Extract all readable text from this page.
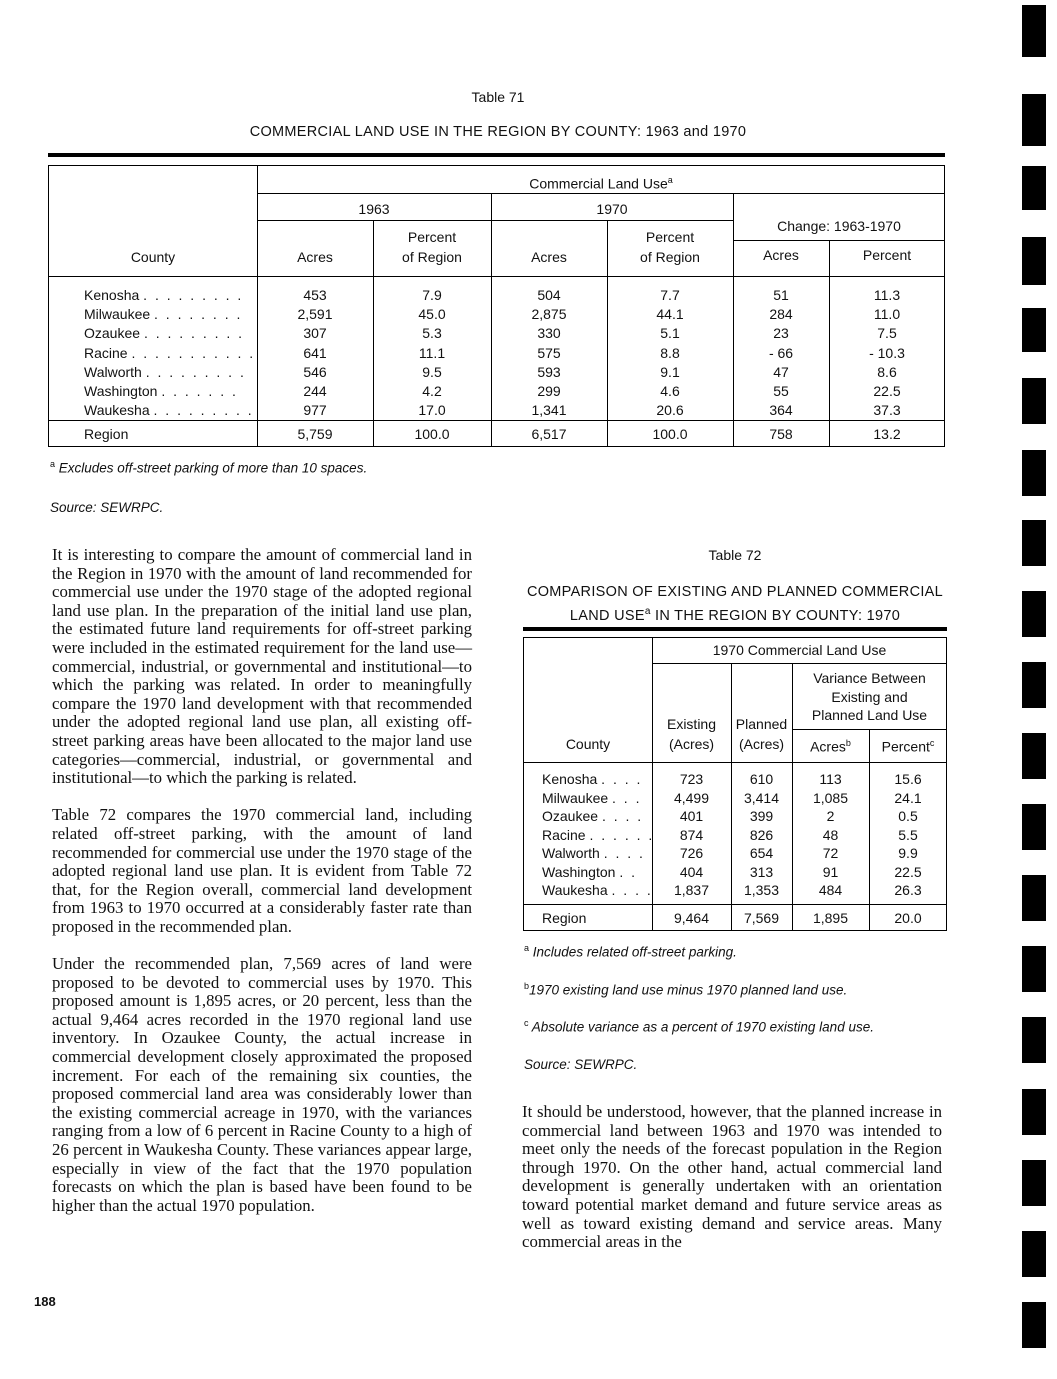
Table 71
COMMERCIAL LAND USE IN THE REGION BY COUNTY: 1963 and 1970
Commercial Land Use$^a$
1963	1970
Change: 1963-1970
County	Acres
Percent
of Region	Acres
Percent
of Region	Acres	Percent
Kenosha . . . . . . . . .	453	7.9	504	7.7	51	11.3
Milwaukee . . . . . . . .	2,591	45.0	2,875	44.1	284	11.0
Ozaukee . . . . . . . . .	307	5.3	330	5.1	23	7.5
Racine . . . . . . . . . . .	641	11.1	575	8.8	- 66	- 10.3
Walworth . . . . . . . . .	546	9.5	593	9.1	47	8.6
Washington . . . . . . .	244	4.2	299	4.6	55	22.5
Waukesha . . . . . . . . .	977	17.0	1,341	20.6	364	37.3
Region	5,759	100.0	6,517	100.0	758	13.2
$^a$ Excludes off-street parking of more than 10 spaces.
Source: SEWRPC.

It is interesting to compare the amount of commercial land in the Region in 1970 with the amount of land recommended for commercial use under the 1970 stage of the adopted regional land use plan. In the preparation of the initial land use plan, the estimated future land requirements for off-street parking were included in the estimated requirement for the land use—commercial, industrial, or governmental and institutional—to which the parking was related. In order to meaningfully compare the 1970 land development with that recommended under the adopted regional land use plan, all existing off-street parking areas have been allocated to the major land use categories—commercial, industrial, or governmental and institutional—to which the parking is related.

Table 72 compares the 1970 commercial land, including related off-street parking, with the amount of land recommended for commercial use under the 1970 stage of the adopted regional land use plan. It is evident from Table 72 that, for the Region overall, commercial land development from 1963 to 1970 occurred at a considerably faster rate than proposed in the recommended plan.

Under the recommended plan, 7,569 acres of land were proposed to be devoted to commercial uses by 1970. This proposed amount is 1,895 acres, or 20 percent, less than the actual 9,464 acres recorded in the 1970 regional land use inventory. In Ozaukee County, the actual increase in commercial development closely approximated the proposed increment. For each of the remaining six counties, the proposed commercial land area was considerably lower than the existing commercial acreage in 1970, with the variances ranging from a low of 6 percent in Racine County to a high of 26 percent in Waukesha County. These variances appear large, especially in view of the fact that the 1970 population forecasts on which the plan is based have been found to be higher than the actual 1970 population.

Table 72
COMPARISON OF EXISTING AND PLANNED COMMERCIAL
LAND USE$^a$ IN THE REGION BY COUNTY: 1970
1970 Commercial Land Use
Variance Between
Existing and
Planned Land Use
Existing	Planned
County	(Acres)	(Acres)	Acres$^b$	Percent$^c$
Kenosha . . . .	723	610	113	15.6
Milwaukee . . .	4,499	3,414	1,085	24.1
Ozaukee . . . .	401	399	2	0.5
Racine . . . . . .	874	826	48	5.5
Walworth . . . .	726	654	72	9.9
Washington . .	404	313	91	22.5
Waukesha . . . .	1,837	1,353	484	26.3
Region	9,464	7,569	1,895	20.0
$^a$ Includes related off-street parking.
$^b$1970 existing land use minus 1970 planned land use.
$^c$ Absolute variance as a percent of 1970 existing land use.
Source: SEWRPC.

It should be understood, however, that the planned increase in commercial land between 1963 and 1970 was intended to meet only the needs of the forecast population in the Region through 1970. On the other hand, actual commercial land development is generally undertaken with an orientation toward potential market demand and future service areas as well as toward existing demand and service areas. Many commercial areas in the

188
